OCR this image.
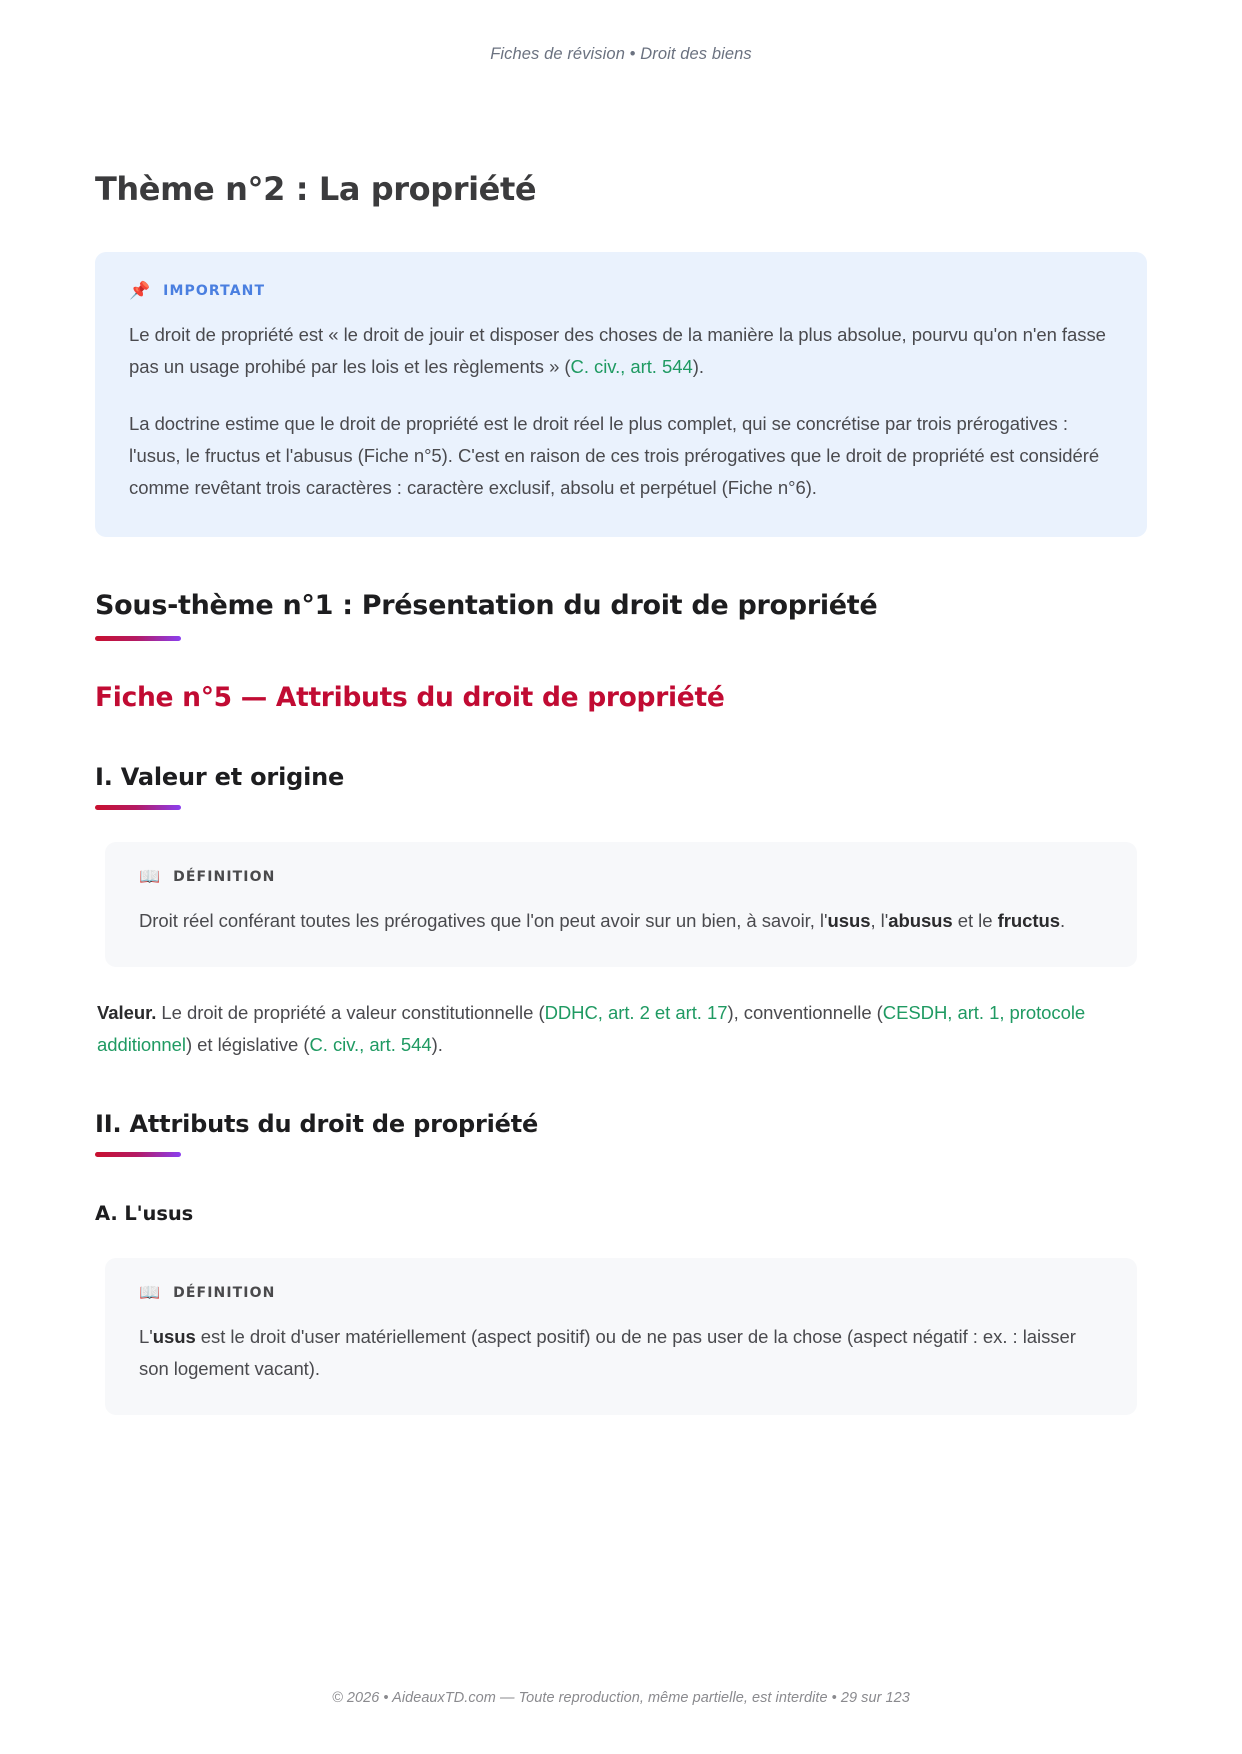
Fiches de révision • Droit des biens
Thème n°2 : La propriété
📌 IMPORTANT

Le droit de propriété est « le droit de jouir et disposer des choses de la manière la plus absolue, pourvu qu'on n'en fasse pas un usage prohibé par les lois et les règlements » (C. civ., art. 544).

La doctrine estime que le droit de propriété est le droit réel le plus complet, qui se concrétise par trois prérogatives : l'usus, le fructus et l'abusus (Fiche n°5). C'est en raison de ces trois prérogatives que le droit de propriété est considéré comme revêtant trois caractères : caractère exclusif, absolu et perpétuel (Fiche n°6).

Sous-thème n°1 : Présentation du droit de propriété
Fiche n°5 — Attributs du droit de propriété
I. Valeur et origine
📖 DÉFINITION

Droit réel conférant toutes les prérogatives que l'on peut avoir sur un bien, à savoir, l'usus, l'abusus et le fructus.

Valeur. Le droit de propriété a valeur constitutionnelle (DDHC, art. 2 et art. 17), conventionnelle (CESDH, art. 1, protocole additionnel) et législative (C. civ., art. 544).

II. Attributs du droit de propriété
A. L'usus
📖 DÉFINITION

L'usus est le droit d'user matériellement (aspect positif) ou de ne pas user de la chose (aspect négatif : ex. : laisser son logement vacant).

© 2026 • AideauxTD.com — Toute reproduction, même partielle, est interdite • 29 sur 123
